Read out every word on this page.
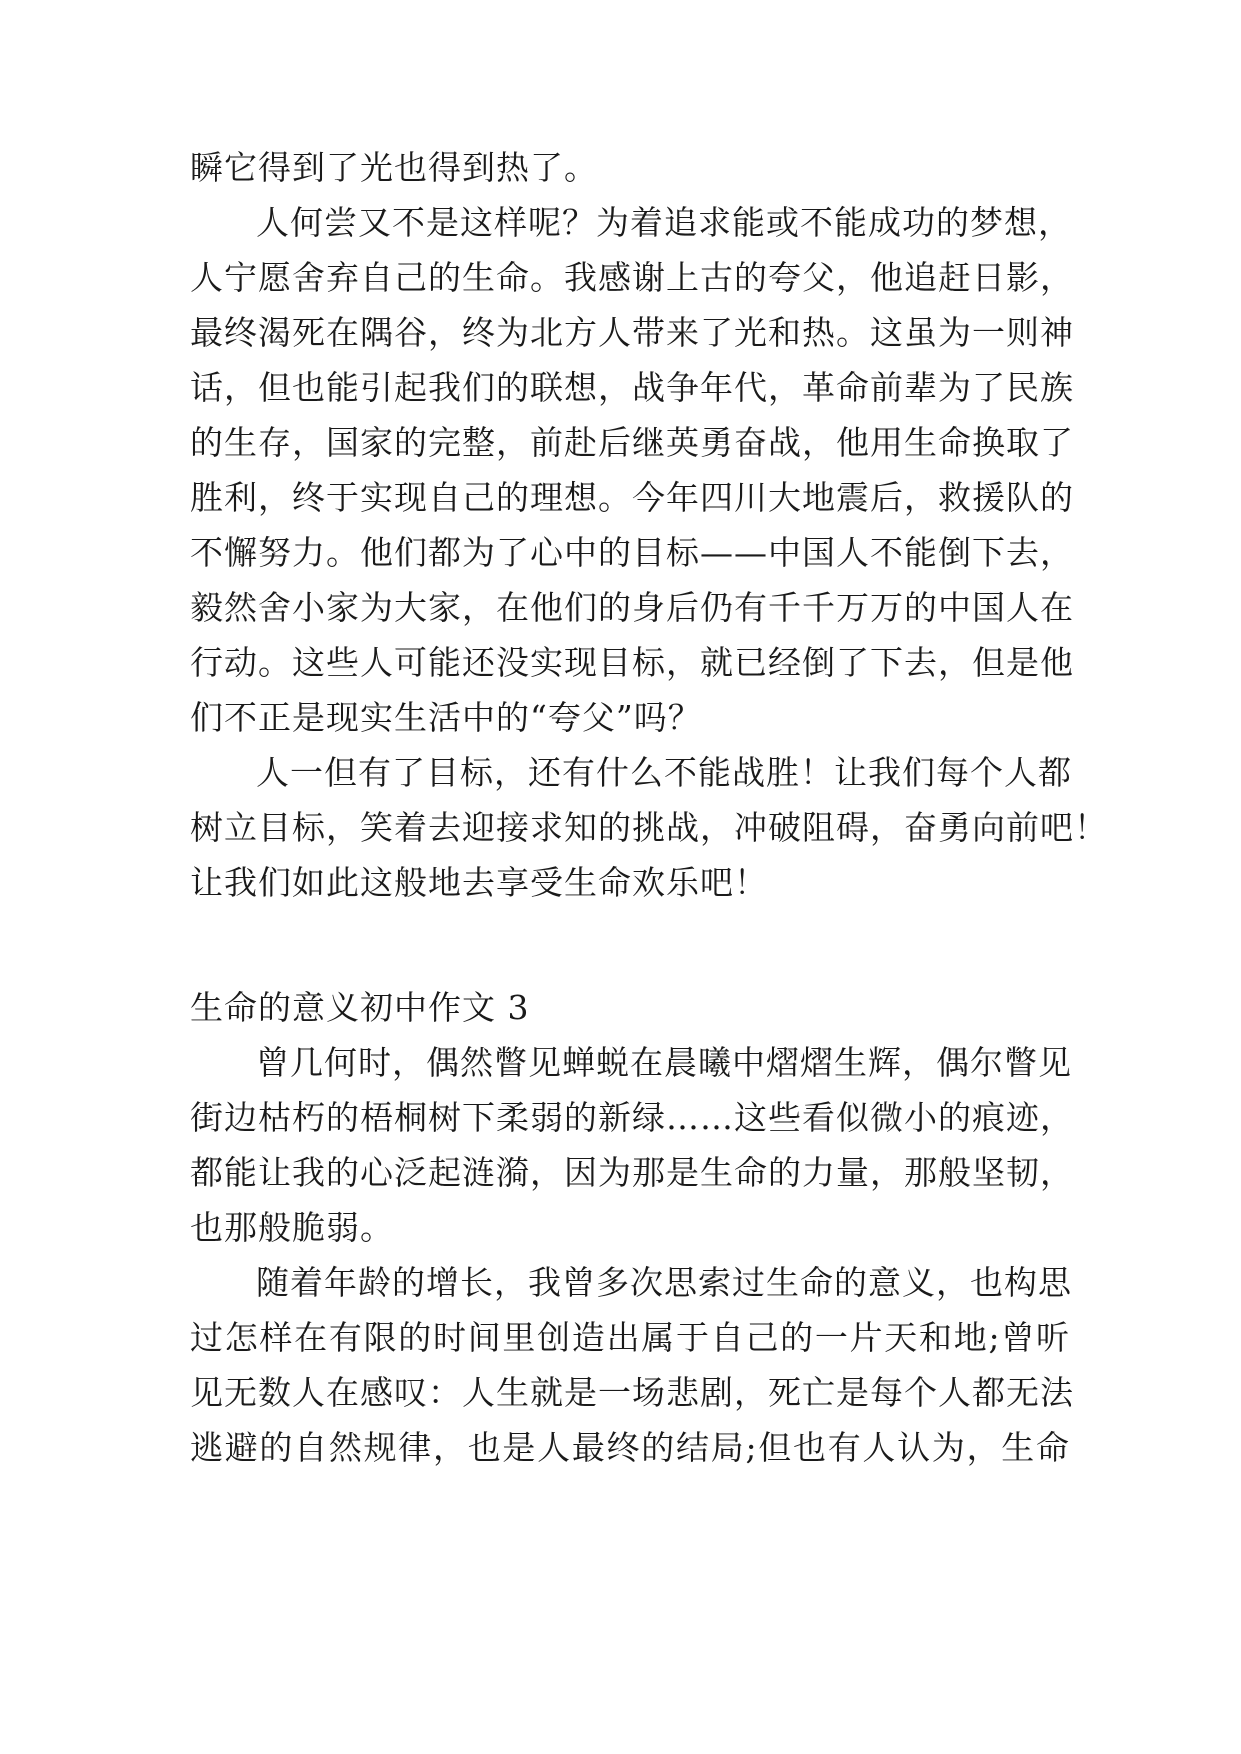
瞬它得到了光也得到热了。
人何尝又不是这样呢？为着追求能或不能成功的梦想，
人宁愿舍弃自己的生命。我感谢上古的夸父，他追赶日影，
最终渴死在隅谷，终为北方人带来了光和热。这虽为一则神
话，但也能引起我们的联想，战争年代，革命前辈为了民族
的生存，国家的完整，前赴后继英勇奋战，他用生命换取了
胜利，终于实现自己的理想。今年四川大地震后，救援队的
不懈努力。他们都为了心中的目标——中国人不能倒下去，
毅然舍小家为大家，在他们的身后仍有千千万万的中国人在
行动。这些人可能还没实现目标，就已经倒了下去，但是他
们不正是现实生活中的“夸父”吗？
人一但有了目标，还有什么不能战胜！让我们每个人都
树立目标，笑着去迎接求知的挑战，冲破阻碍，奋勇向前吧！
让我们如此这般地去享受生命欢乐吧！
生命的意义初中作文 3
曾几何时，偶然瞥见蝉蜕在晨曦中熠熠生辉，偶尔瞥见
街边枯朽的梧桐树下柔弱的新绿……这些看似微小的痕迹，
都能让我的心泛起涟漪，因为那是生命的力量，那般坚韧，
也那般脆弱。
随着年龄的增长，我曾多次思索过生命的意义，也构思
过怎样在有限的时间里创造出属于自己的一片天和地;曾听
见无数人在感叹：人生就是一场悲剧，死亡是每个人都无法
逃避的自然规律，也是人最终的结局;但也有人认为，生命
